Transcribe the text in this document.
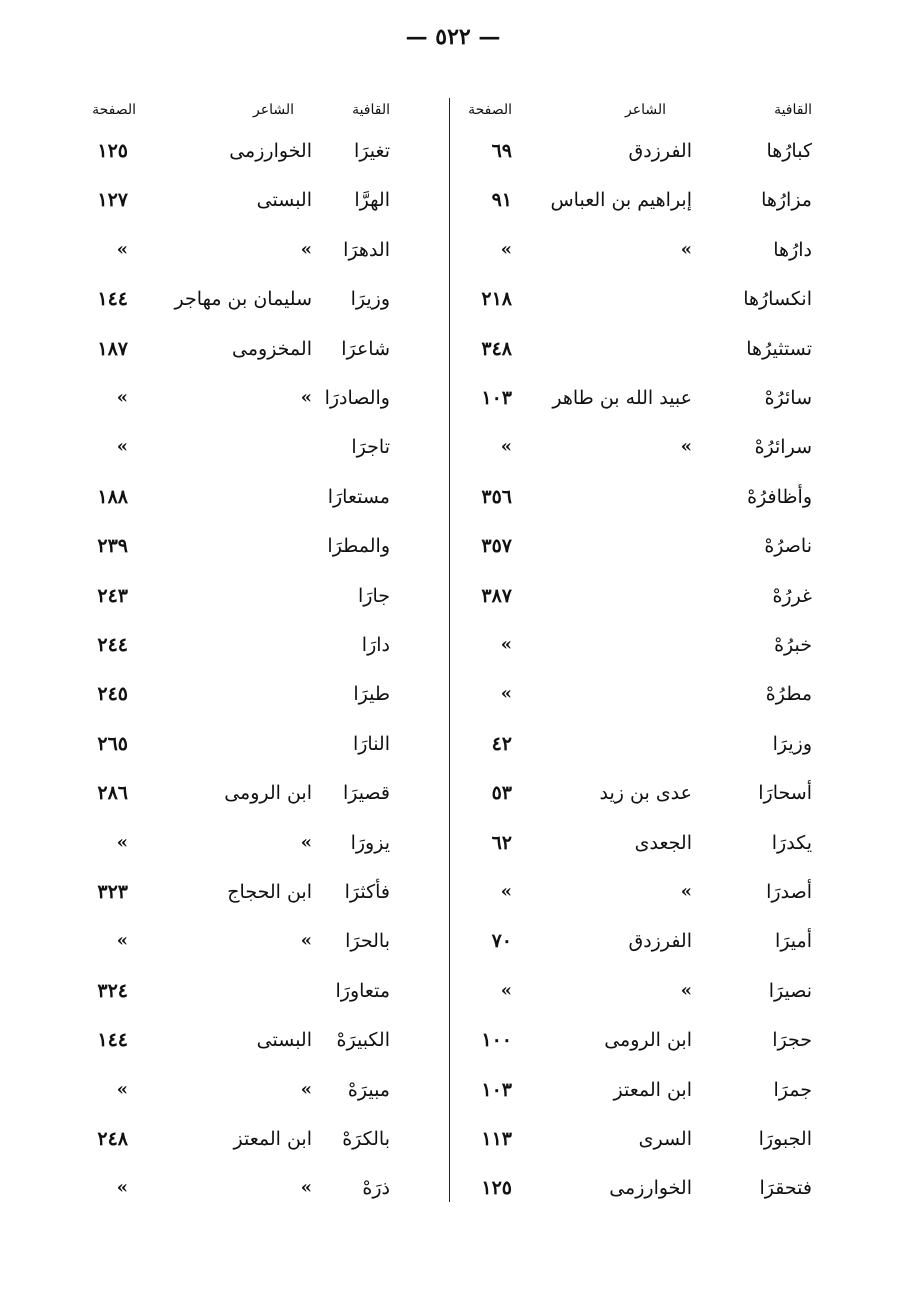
— ٥٢٢ —
القافية
الشاعر
الصفحة
القافية
الشاعر
الصفحة
كبارُها
الفرزدق
٦٩
مزارُها
إبراهيم بن العباس
٩١
دارُها
»
»
انكسارُها
٢١٨
تستثيرُها
٣٤٨
سائرُهْ
عبيد الله بن طاهر
١٠٣
سرائرُهْ
»
»
وأظافرُهْ
٣٥٦
ناصرُهْ
٣٥٧
غررُهْ
٣٨٧
خبرُهْ
»
مطرُهْ
»
وزيرَا
٤٢
أسحارَا
عدى بن زيد
٥٣
يكدرَا
الجعدى
٦٢
أصدرَا
»
»
أميرَا
الفرزدق
٧٠
نصيرَا
»
»
حجرَا
ابن الرومى
١٠٠
جمرَا
ابن المعتز
١٠٣
الجبورَا
السرى
١١٣
فتحقرَا
الخوارزمى
١٢٥
تغيرَا
الخوارزمى
١٢٥
الهرَّا
البستى
١٢٧
الدهرَا
»
»
وزيرَا
سليمان بن مهاجر
١٤٤
شاعرَا
المخزومى
١٨٧
والصادرَا
»
»
تاجرَا
»
مستعارَا
١٨٨
والمطرَا
٢٣٩
جارَا
٢٤٣
دارَا
٢٤٤
طيرَا
٢٤٥
النارَا
٢٦٥
قصيرَا
ابن الرومى
٢٨٦
يزورَا
»
»
فأكثرَا
ابن الحجاج
٣٢٣
بالحرَا
»
»
متعاورَا
٣٢٤
الكبيرَهْ
البستى
١٤٤
مبيرَهْ
»
»
بالكرَهْ
ابن المعتز
٢٤٨
ذرَهْ
»
»
